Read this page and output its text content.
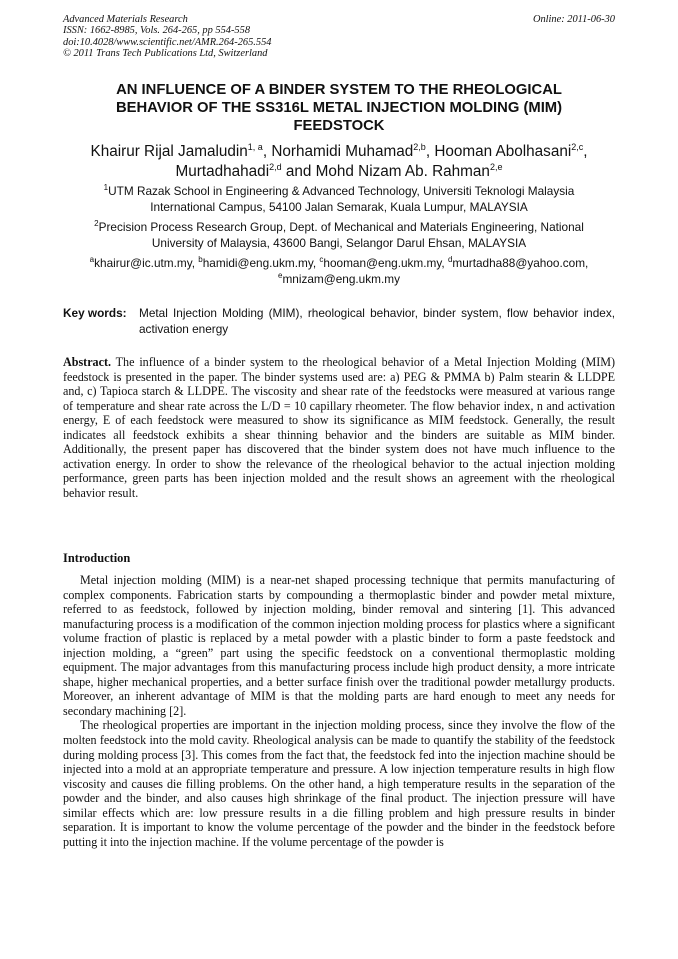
Advanced Materials Research
ISSN: 1662-8985, Vols. 264-265, pp 554-558
doi:10.4028/www.scientific.net/AMR.264-265.554
© 2011 Trans Tech Publications Ltd, Switzerland
Online: 2011-06-30
AN INFLUENCE OF A BINDER SYSTEM TO THE RHEOLOGICAL
BEHAVIOR OF THE SS316L METAL INJECTION MOLDING (MIM)
FEEDSTOCK
Khairur Rijal Jamaludin$^{1, a}$, Norhamidi Muhamad$^{2,b}$, Hooman Abolhasani$^{2,c}$,
Murtadhahadi$^{2,d}$ and Mohd Nizam Ab. Rahman$^{2,e}$
$^1$UTM Razak School in Engineering & Advanced Technology, Universiti Teknologi Malaysia
International Campus, 54100 Jalan Semarak, Kuala Lumpur, MALAYSIA
$^2$Precision Process Research Group, Dept. of Mechanical and Materials Engineering, National
University of Malaysia, 43600 Bangi, Selangor Darul Ehsan, MALAYSIA
$^a$khairur@ic.utm.my, $^b$hamidi@eng.ukm.my, $^c$hooman@eng.ukm.my, $^d$murtadha88@yahoo.com,
$^e$mnizam@eng.ukm.my
Key words: Metal Injection Molding (MIM), rheological behavior, binder system, flow behavior index, activation energy
Abstract. The influence of a binder system to the rheological behavior of a Metal Injection Molding (MIM) feedstock is presented in the paper. The binder systems used are: a) PEG & PMMA b) Palm stearin & LLDPE and, c) Tapioca starch & LLDPE. The viscosity and shear rate of the feedstocks were measured at various range of temperature and shear rate across the L/D = 10 capillary rheometer. The flow behavior index, n and activation energy, E of each feedstock were measured to show its significance as MIM feedstock. Generally, the result indicates all feedstock exhibits a shear thinning behavior and the binders are suitable as MIM binder. Additionally, the present paper has discovered that the binder system does not have much influence to the activation energy. In order to show the relevance of the rheological behavior to the actual injection molding performance, green parts has been injection molded and the result shows an agreement with the rheological behavior result.
Introduction

Metal injection molding (MIM) is a near-net shaped processing technique that permits manufacturing of complex components. Fabrication starts by compounding a thermoplastic binder and powder metal mixture, referred to as feedstock, followed by injection molding, binder removal and sintering [1]. This advanced manufacturing process is a modification of the common injection molding process for plastics where a significant volume fraction of plastic is replaced by a metal powder with a plastic binder to form a paste feedstock and injection molding, a “green” part using the specific feedstock on a conventional thermoplastic molding equipment. The major advantages from this manufacturing process include high product density, a more intricate shape, higher mechanical properties, and a better surface finish over the traditional powder metallurgy products. Moreover, an inherent advantage of MIM is that the molding parts are hard enough to meet any needs for secondary machining [2].

The rheological properties are important in the injection molding process, since they involve the flow of the molten feedstock into the mold cavity. Rheological analysis can be made to quantify the stability of the feedstock during molding process [3]. This comes from the fact that, the feedstock fed into the injection machine should be injected into a mold at an appropriate temperature and pressure. A low injection temperature results in high flow viscosity and causes die filling problems. On the other hand, a high temperature results in the separation of the powder and the binder, and also causes high shrinkage of the final product. The injection pressure will have similar effects which are: low pressure results in a die filling problem and high pressure results in binder separation. It is important to know the volume percentage of the powder and the binder in the feedstock before putting it into the injection machine. If the volume percentage of the powder is
